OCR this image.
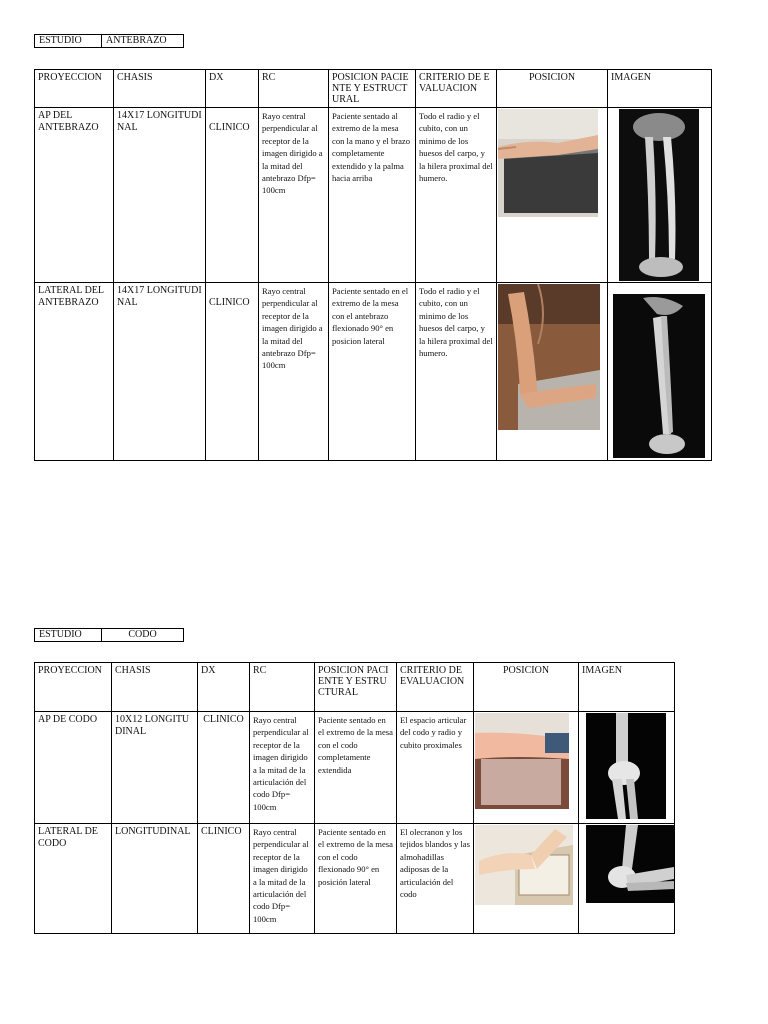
ESTUDIO	ANTEBRAZO
PROYECCION	CHASIS	DX	RC	POSICION PACIENTE Y ESTRUCTURAL	CRITERIO DE EVALUACION	POSICION	IMAGEN
AP DEL ANTEBRAZO	14X17 LONGITUDINAL	CLINICO	Rayo central perpendicular al receptor de la imagen dirigido a la mitad del antebrazo Dfp= 100cm	Paciente sentado al extremo de la mesa con la mano y el brazo completamente extendido y la palma hacia arriba	Todo el radio y el cubito, con un minimo de los huesos del carpo, y la hilera proximal del humero.	

LATERAL DEL ANTEBRAZO	14X17 LONGITUDINAL	CLINICO	Rayo central perpendicular al receptor de la imagen dirigido a la mitad del antebrazo Dfp= 100cm	Paciente sentado en el extremo de la mesa con el antebrazo flexionado 90° en posicion lateral	Todo el radio y el cubito, con un minimo de los huesos del carpo, y la hilera proximal del humero.	

ESTUDIO	CODO
PROYECCION	CHASIS	DX	RC	POSICION PACIENTE Y ESTRUCTURAL	CRITERIO DE EVALUACION	POSICION	IMAGEN
AP DE CODO	10X12 LONGITUDINAL	CLINICO	Rayo central perpendicular al receptor de la imagen dirigido a la mitad de la articulación del codo Dfp= 100cm	Paciente sentado en el extremo de la mesa con el codo completamente extendida	El espacio articular del codo y radio y cubito proximales	

LATERAL DE CODO	LONGITUDINAL	CLINICO	Rayo central perpendicular al receptor de la imagen dirigido a la mitad de la articulación del codo Dfp= 100cm	Paciente sentado en el extremo de la mesa con el codo flexionado 90° en posición lateral	El olecranon y los tejidos blandos y las almohadillas adiposas de la articulación del codo	
